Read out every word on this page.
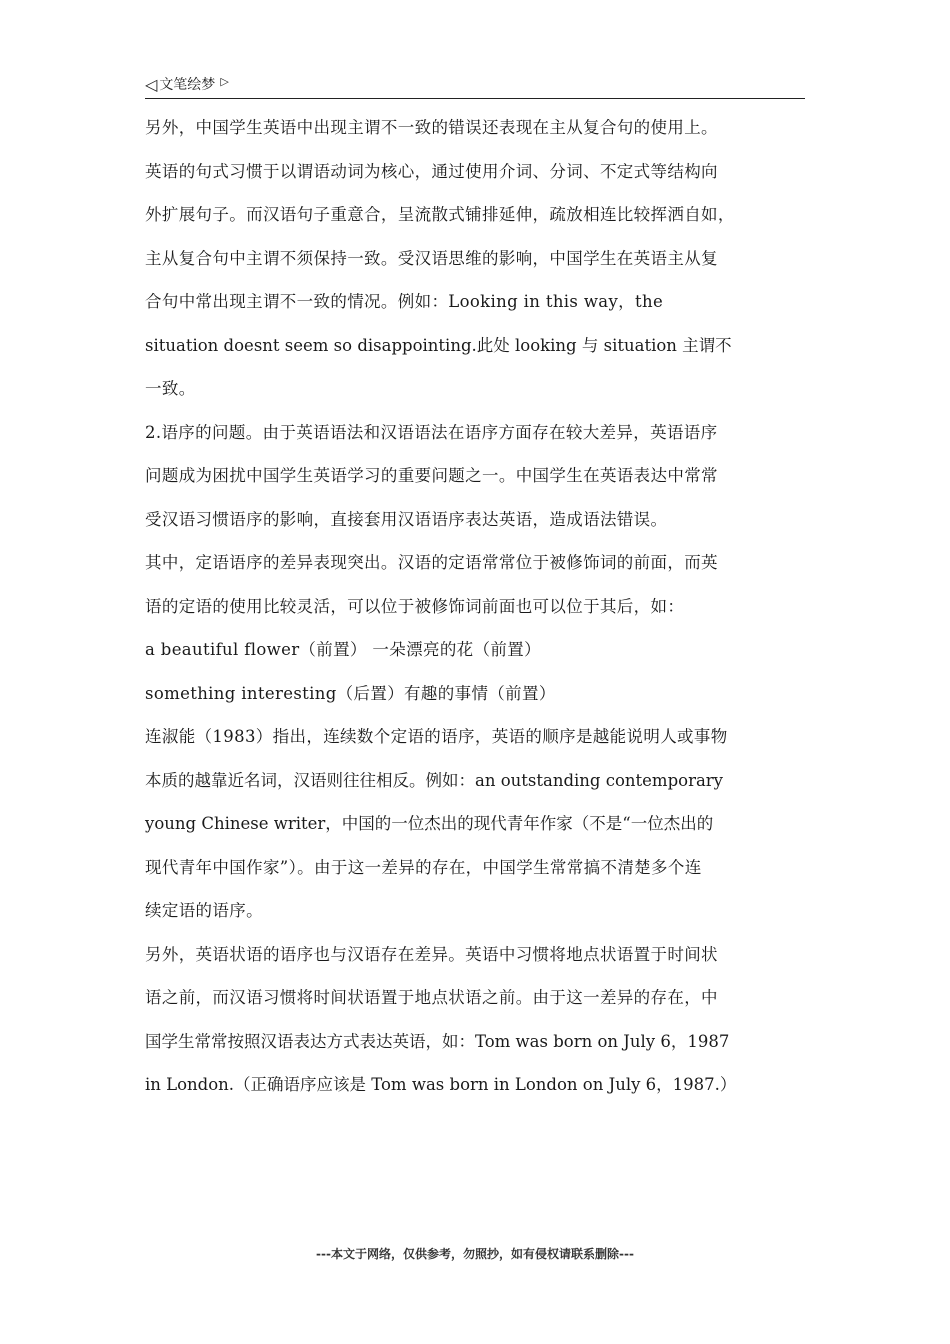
◁ 文笔绘梦 ▷
另外，中国学生英语中出现主谓不一致的错误还表现在主从复合句的使用上。
英语的句式习惯于以谓语动词为核心，通过使用介词、分词、不定式等结构向
外扩展句子。而汉语句子重意合，呈流散式铺排延伸，疏放相连比较挥洒自如，
主从复合句中主谓不须保持一致。受汉语思维的影响，中国学生在英语主从复
合句中常出现主谓不一致的情况。例如：Looking in this way，the
situation doesnt seem so disappointing.此处 looking 与 situation 主谓不
一致。
2.语序的问题。由于英语语法和汉语语法在语序方面存在较大差异，英语语序
问题成为困扰中国学生英语学习的重要问题之一。中国学生在英语表达中常常
受汉语习惯语序的影响，直接套用汉语语序表达英语，造成语法错误。
其中，定语语序的差异表现突出。汉语的定语常常位于被修饰词的前面，而英
语的定语的使用比较灵活，可以位于被修饰词前面也可以位于其后，如：
a beautiful flower（前置） 一朵漂亮的花（前置）
something interesting（后置）有趣的事情（前置）
连淑能（1983）指出，连续数个定语的语序，英语的顺序是越能说明人或事物
本质的越靠近名词，汉语则往往相反。例如：an outstanding contemporary
young Chinese writer，中国的一位杰出的现代青年作家（不是“一位杰出的
现代青年中国作家”）。由于这一差异的存在，中国学生常常搞不清楚多个连
续定语的语序。
另外，英语状语的语序也与汉语存在差异。英语中习惯将地点状语置于时间状
语之前，而汉语习惯将时间状语置于地点状语之前。由于这一差异的存在，中
国学生常常按照汉语表达方式表达英语，如：Tom was born on July 6，1987
in London.（正确语序应该是 Tom was born in London on July 6，1987.）
---本文于网络，仅供参考，勿照抄，如有侵权请联系删除---
